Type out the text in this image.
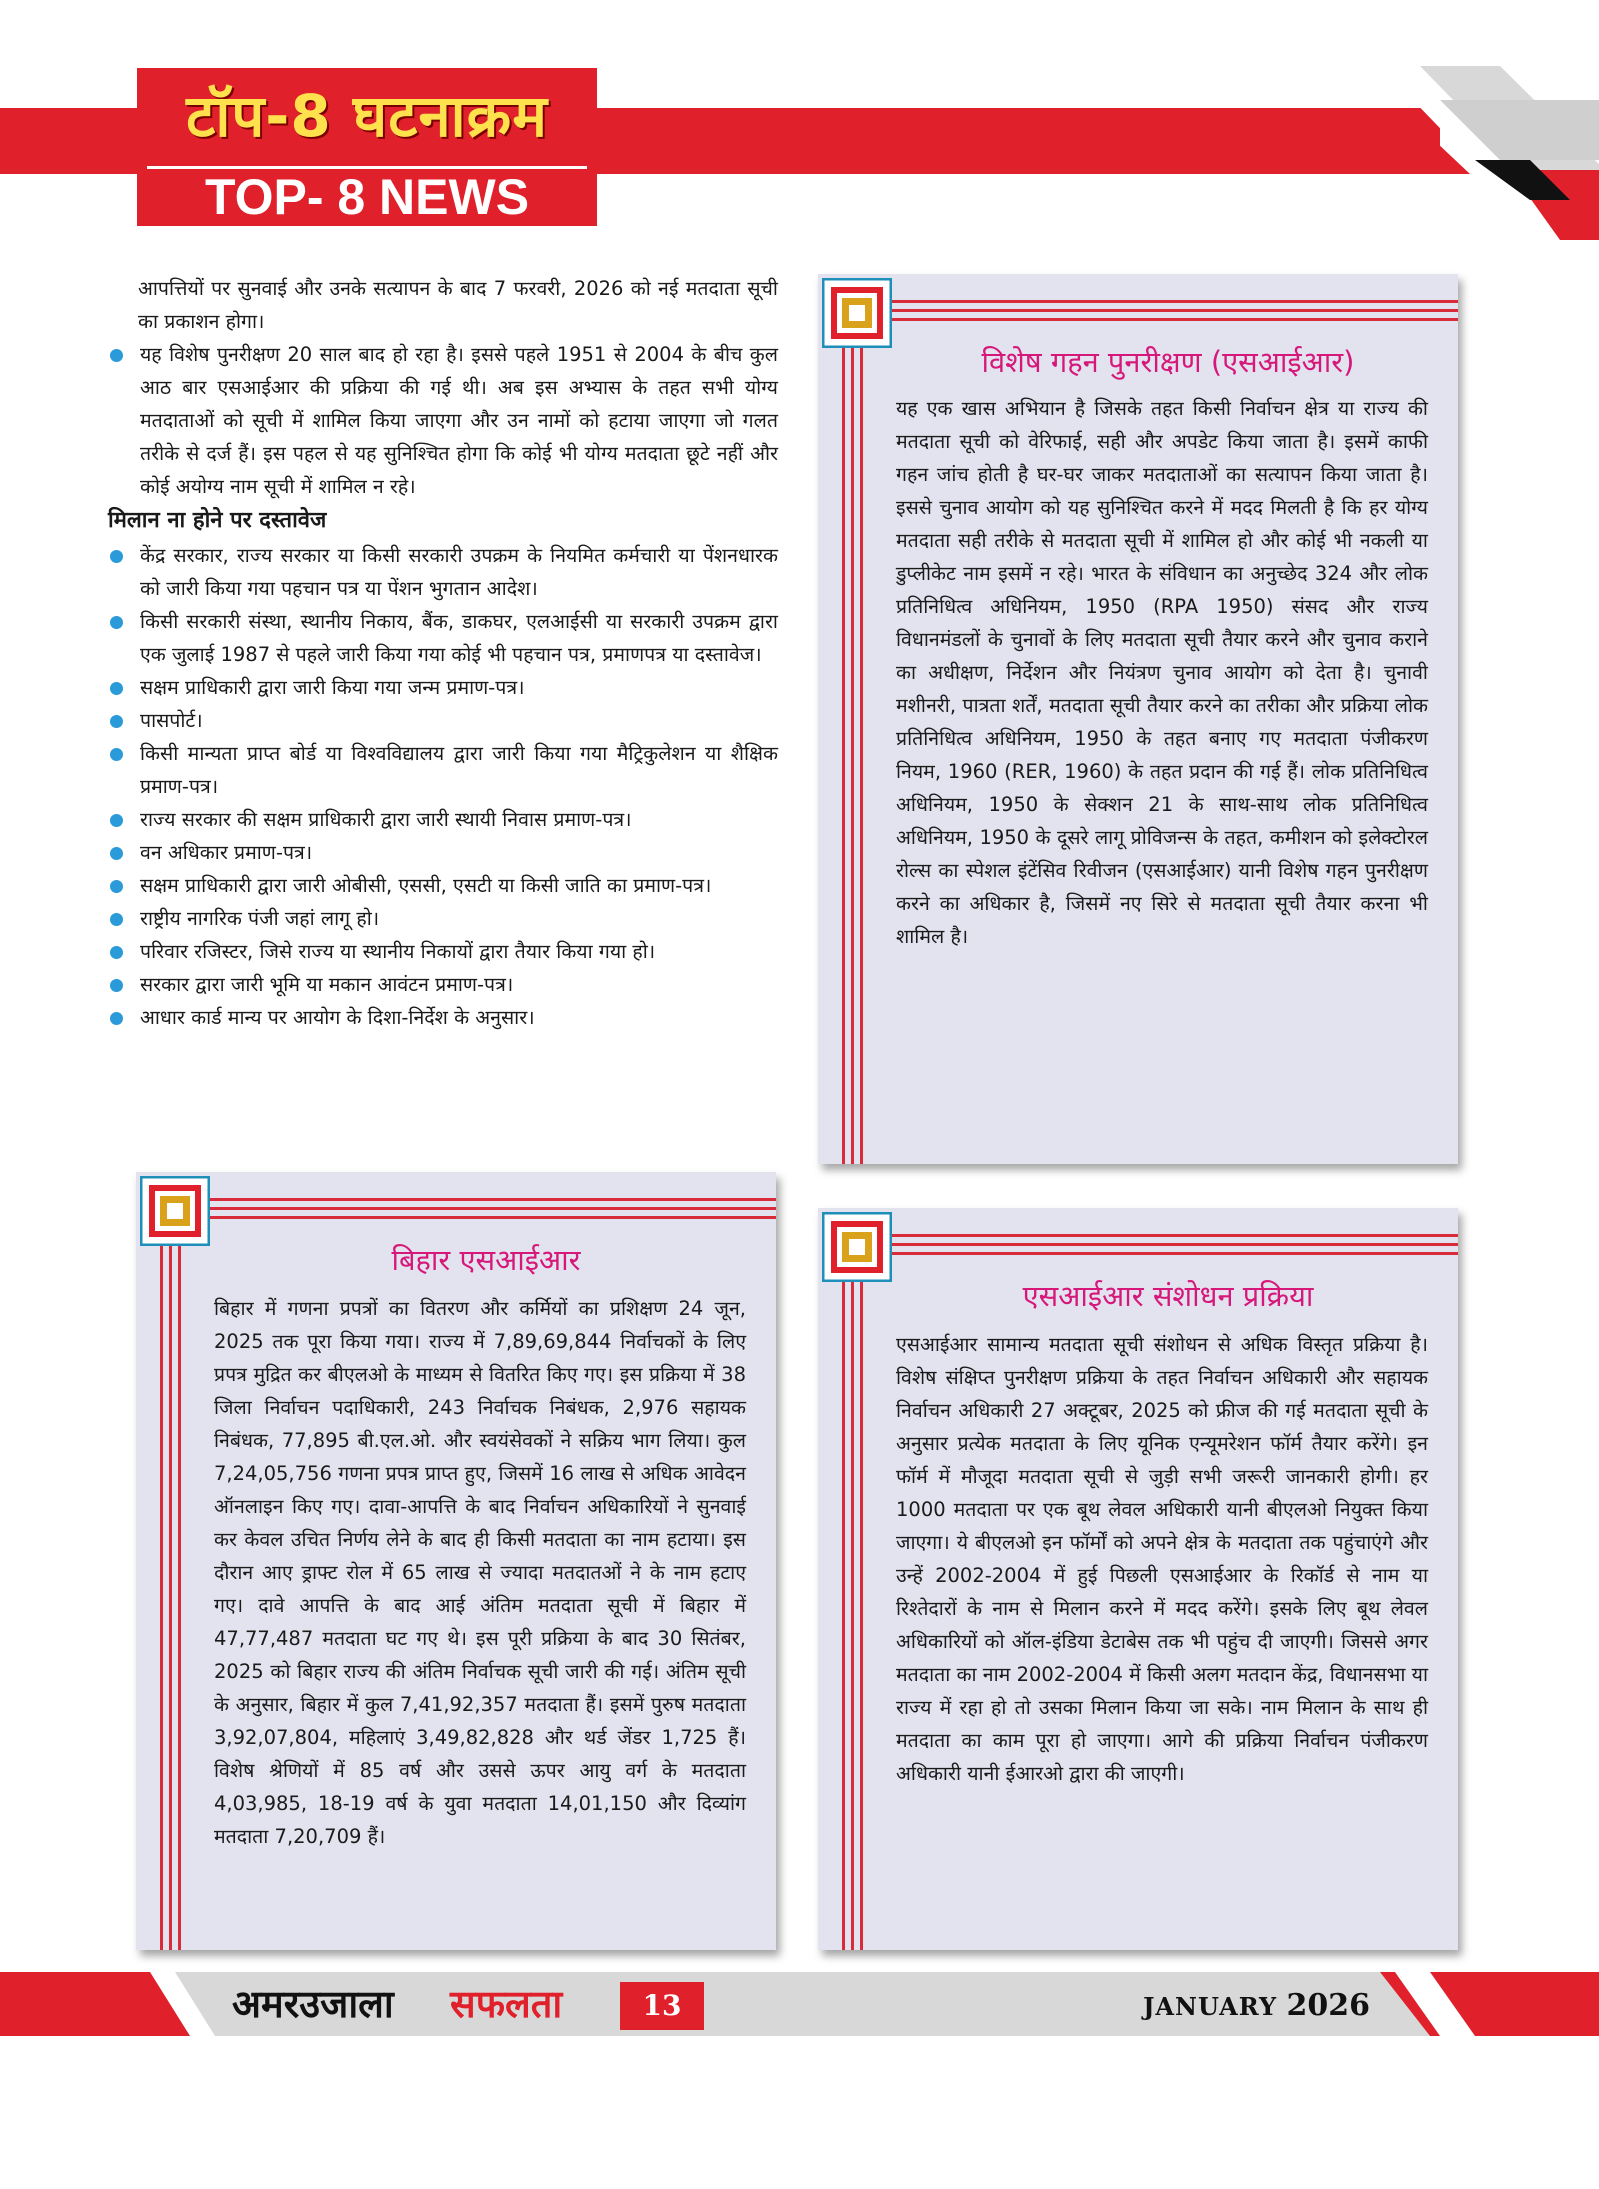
टॉप-8 घटनाक्रम
TOP- 8 NEWS

आपत्तियों पर सुनवाई और उनके सत्यापन के बाद 7 फरवरी, 2026 को नई मतदाता सूची का प्रकाशन होगा।

यह विशेष पुनरीक्षण 20 साल बाद हो रहा है। इससे पहले 1951 से 2004 के बीच कुल आठ बार एसआईआर की प्रक्रिया की गई थी। अब इस अभ्यास के तहत सभी योग्य मतदाताओं को सूची में शामिल किया जाएगा और उन नामों को हटाया जाएगा जो गलत तरीके से दर्ज हैं। इस पहल से यह सुनिश्चित होगा कि कोई भी योग्य मतदाता छूटे नहीं और कोई अयोग्य नाम सूची में शामिल न रहे।

मिलान ना होने पर दस्तावेज

केंद्र सरकार, राज्य सरकार या किसी सरकारी उपक्रम के नियमित कर्मचारी या पेंशनधारक को जारी किया गया पहचान पत्र या पेंशन भुगतान आदेश।

किसी सरकारी संस्था, स्थानीय निकाय, बैंक, डाकघर, एलआईसी या सरकारी उपक्रम द्वारा एक जुलाई 1987 से पहले जारी किया गया कोई भी पहचान पत्र, प्रमाणपत्र या दस्तावेज।

सक्षम प्राधिकारी द्वारा जारी किया गया जन्म प्रमाण-पत्र।

पासपोर्ट।

किसी मान्यता प्राप्त बोर्ड या विश्वविद्यालय द्वारा जारी किया गया मैट्रिकुलेशन या शैक्षिक प्रमाण-पत्र।

राज्य सरकार की सक्षम प्राधिकारी द्वारा जारी स्थायी निवास प्रमाण-पत्र।

वन अधिकार प्रमाण-पत्र।

सक्षम प्राधिकारी द्वारा जारी ओबीसी, एससी, एसटी या किसी जाति का प्रमाण-पत्र।

राष्ट्रीय नागरिक पंजी जहां लागू हो।

परिवार रजिस्टर, जिसे राज्य या स्थानीय निकायों द्वारा तैयार किया गया हो।

सरकार द्वारा जारी भूमि या मकान आवंटन प्रमाण-पत्र।

आधार कार्ड मान्य पर आयोग के दिशा-निर्देश के अनुसार।

विशेष गहन पुनरीक्षण (एसआईआर)
यह एक खास अभियान है जिसके तहत किसी निर्वाचन क्षेत्र या राज्य की मतदाता सूची को वेरिफाई, सही और अपडेट किया जाता है। इसमें काफी गहन जांच होती है घर-घर जाकर मतदाताओं का सत्यापन किया जाता है। इससे चुनाव आयोग को यह सुनिश्चित करने में मदद मिलती है कि हर योग्य मतदाता सही तरीके से मतदाता सूची में शामिल हो और कोई भी नकली या डुप्लीकेट नाम इसमें न रहे। भारत के संविधान का अनुच्छेद 324 और लोक प्रतिनिधित्व अधिनियम, 1950 (RPA 1950) संसद और राज्य विधानमंडलों के चुनावों के लिए मतदाता सूची तैयार करने और चुनाव कराने का अधीक्षण, निर्देशन और नियंत्रण चुनाव आयोग को देता है। चुनावी मशीनरी, पात्रता शर्तें, मतदाता सूची तैयार करने का तरीका और प्रक्रिया लोक प्रतिनिधित्व अधिनियम, 1950 के तहत बनाए गए मतदाता पंजीकरण नियम, 1960 (RER, 1960) के तहत प्रदान की गई हैं। लोक प्रतिनिधित्व अधिनियम, 1950 के सेक्शन 21 के साथ-साथ लोक प्रतिनिधित्व अधिनियम, 1950 के दूसरे लागू प्रोविजन्स के तहत, कमीशन को इलेक्टोरल रोल्स का स्पेशल इंटेंसिव रिवीजन (एसआईआर) यानी विशेष गहन पुनरीक्षण करने का अधिकार है, जिसमें नए सिरे से मतदाता सूची तैयार करना भी शामिल है।
बिहार एसआईआर
बिहार में गणना प्रपत्रों का वितरण और कर्मियों का प्रशिक्षण 24 जून, 2025 तक पूरा किया गया। राज्य में 7,89,69,844 निर्वाचकों के लिए प्रपत्र मुद्रित कर बीएलओ के माध्यम से वितरित किए गए। इस प्रक्रिया में 38 जिला निर्वाचन पदाधिकारी, 243 निर्वाचक निबंधक, 2,976 सहायक निबंधक, 77,895 बी.एल.ओ. और स्वयंसेवकों ने सक्रिय भाग लिया। कुल 7,24,05,756 गणना प्रपत्र प्राप्त हुए, जिसमें 16 लाख से अधिक आवेदन ऑनलाइन किए गए। दावा-आपत्ति के बाद निर्वाचन अधिकारियों ने सुनवाई कर केवल उचित निर्णय लेने के बाद ही किसी मतदाता का नाम हटाया। इस दौरान आए ड्राफ्ट रोल में 65 लाख से ज्यादा मतदातओं ने के नाम हटाए गए। दावे आपत्ति के बाद आई अंतिम मतदाता सूची में बिहार में 47,77,487 मतदाता घट गए थे। इस पूरी प्रक्रिया के बाद 30 सितंबर, 2025 को बिहार राज्य की अंतिम निर्वाचक सूची जारी की गई। अंतिम सूची के अनुसार, बिहार में कुल 7,41,92,357 मतदाता हैं। इसमें पुरुष मतदाता 3,92,07,804, महिलाएं 3,49,82,828 और थर्ड जेंडर 1,725 हैं। विशेष श्रेणियों में 85 वर्ष और उससे ऊपर आयु वर्ग के मतदाता 4,03,985, 18-19 वर्ष के युवा मतदाता 14,01,150 और दिव्यांग मतदाता 7,20,709 हैं।
एसआईआर संशोधन प्रक्रिया
एसआईआर सामान्य मतदाता सूची संशोधन से अधिक विस्तृत प्रक्रिया है। विशेष संक्षिप्त पुनरीक्षण प्रक्रिया के तहत निर्वाचन अधिकारी और सहायक निर्वाचन अधिकारी 27 अक्टूबर, 2025 को फ्रीज की गई मतदाता सूची के अनुसार प्रत्येक मतदाता के लिए यूनिक एन्यूमरेशन फॉर्म तैयार करेंगे। इन फॉर्म में मौजूदा मतदाता सूची से जुड़ी सभी जरूरी जानकारी होगी। हर 1000 मतदाता पर एक बूथ लेवल अधिकारी यानी बीएलओ नियुक्त किया जाएगा। ये बीएलओ इन फॉर्मों को अपने क्षेत्र के मतदाता तक पहुंचाएंगे और उन्हें 2002-2004 में हुई पिछली एसआईआर के रिकॉर्ड से नाम या रिश्तेदारों के नाम से मिलान करने में मदद करेंगे। इसके लिए बूथ लेवल अधिकारियों को ऑल-इंडिया डेटाबेस तक भी पहुंच दी जाएगी। जिससे अगर मतदाता का नाम 2002-2004 में किसी अलग मतदान केंद्र, विधानसभा या राज्य में रहा हो तो उसका मिलान किया जा सके। नाम मिलान के साथ ही मतदाता का काम पूरा हो जाएगा। आगे की प्रक्रिया निर्वाचन पंजीकरण अधिकारी यानी ईआरओ द्वारा की जाएगी।
अमरउजाला सफलता	13	JANUARY 2026
